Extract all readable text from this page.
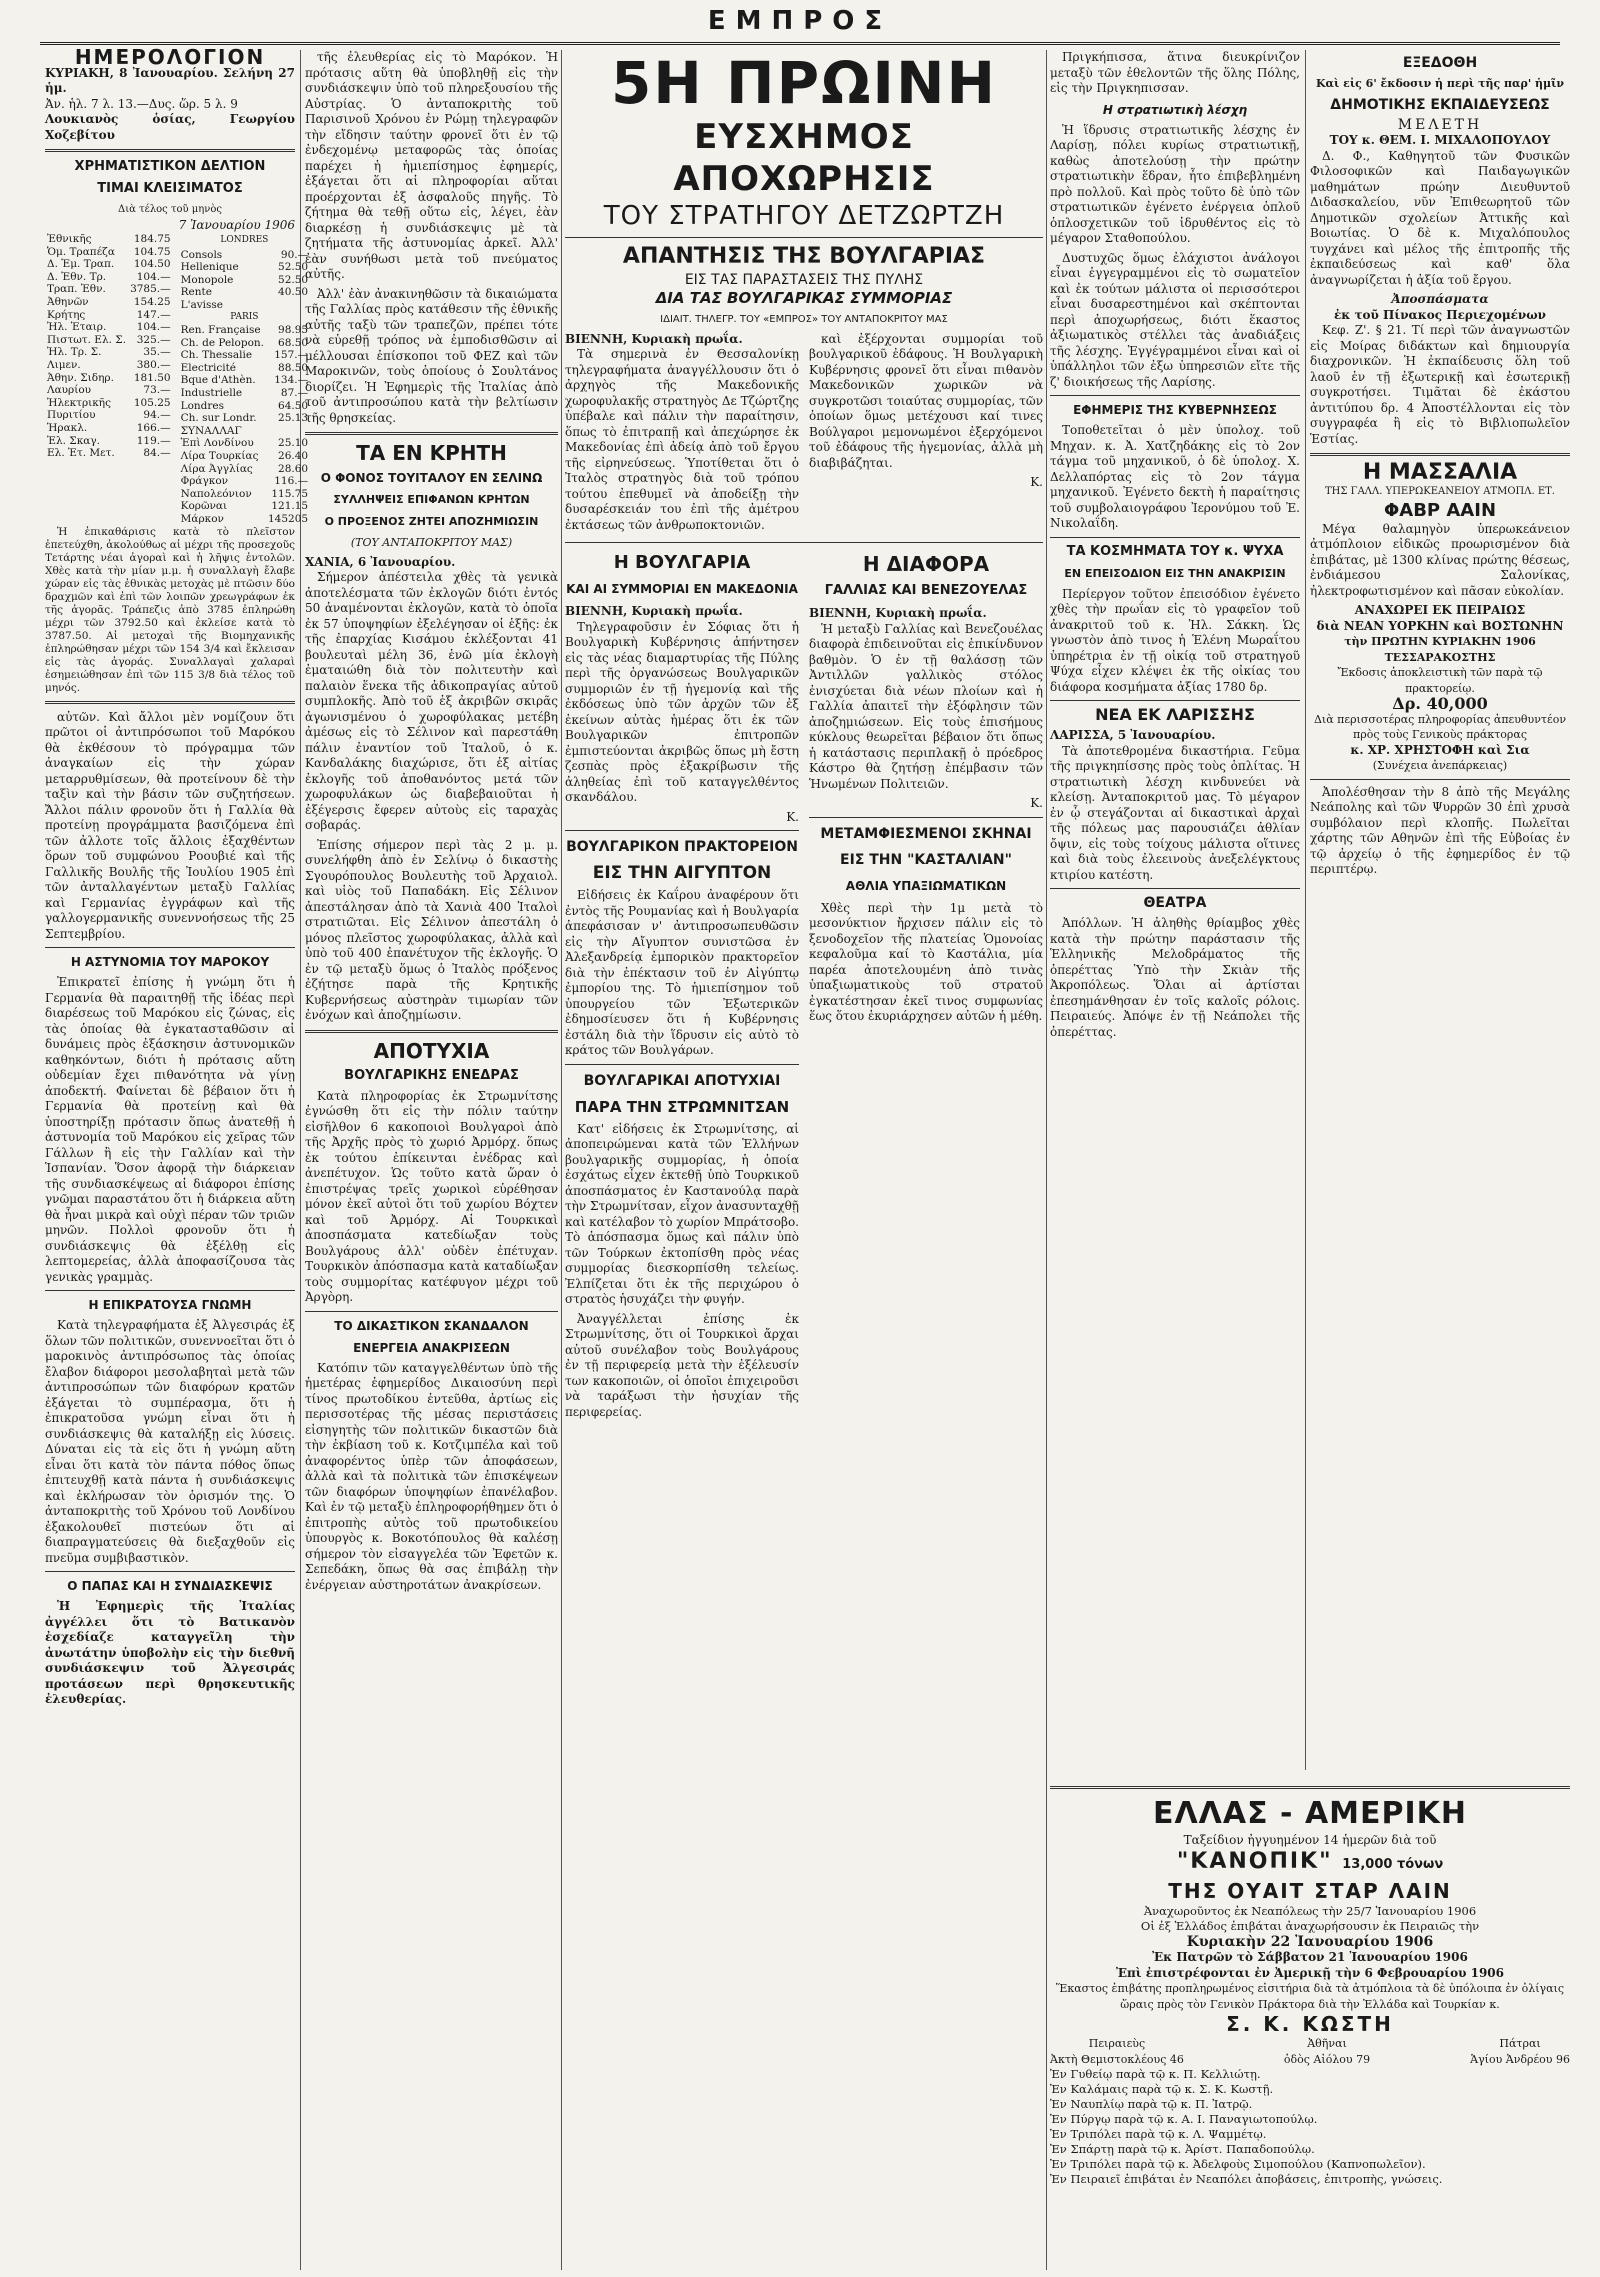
ΕΜΠΡΟΣ
ΗΜΕΡΟΛΟΓΙΟΝ
ΚΥΡΙΑΚΗ, 8 Ἰανουαρίου. Σελήνη 27 ἡμ.
Ἀν. ἡλ. 7 λ. 13.—Δυς. ὥρ. 5 λ. 9
Λουκιανὸς ὁσίας, Γεωργίου Χοζεβίτου
ΧΡΗΜΑΤΙΣΤΙΚΟΝ ΔΕΛΤΙΟΝ
ΤΙΜΑΙ ΚΛΕΙΣΙΜΑΤΟΣ
Διὰ τέλος τοῦ μηνὸς
7 Ἰανουαρίου 1906
Ἐθνικῆς	184.75
Ὁμ. Τραπέζα	104.75
Δ. Ἐμ. Τραπ.	104.50
Δ. Ἐθν. Τρ.	104.—
Τραπ. Ἐθν.	3785.—
Ἀθηνῶν	154.25
Κρήτης	147.—
Ἠλ. Ἐταιρ.	104.—
Πιστωτ. Ελ. Σ.	325.—
Ἠλ. Τρ. Σ.	35.—
Λιμεν.	380.—
Ἀθην. Σιδηρ.	181.50
Λαυρίου	73.—
Ἠλεκτρικῆς	105.25
Πυριτίου	94.—
Ἡρακλ.	166.—
Ἐλ. Σκαγ.	119.—
Ελ. Ἐτ. Μετ.	84.—
LONDRES
Consols	90.—
Hellenique	52.50
Monopole	52.50
Rente	40.50
L'avisse	
PARIS	
Ren. Française	98.95
Ch. de Pelopon.	68.50
Ch. Thessalie	157.—
Electricité	88.50
Bque d'Athèn.	134.—
Industrielle	87.—
Londres	64.50
Ch. sur Londr.	25.13
ΣΥΝΑΛΛΑΓ	
Ἐπὶ Λονδίνου	25.10
Λίρα Τουρκίας	26.40
Λίρα Ἀγγλίας	28.60
Φράγκον	116.—
Ναπολεόνιον	115.75
Κορῶναι	121.15
Μάρκον	145205

Ἡ ἐπικαθάρισις κατὰ τὸ πλεῖστον ἐπετεύχθη, ἀκολούθως αἱ μέχρι τῆς προσεχοῦς Τετάρτης νέαι ἀγοραὶ καὶ ἡ λῆψις ἐντολῶν. Χθὲς κατὰ τὴν μίαν μ.μ. ἡ συναλλαγὴ ἔλαβε χώραν εἰς τὰς ἐθνικὰς μετοχὰς μὲ πτῶσιν δύο δραχμῶν καὶ ἐπὶ τῶν λοιπῶν χρεωγράφων ἐκ τῆς ἀγορᾶς. Τράπεζις ἀπὸ 3785 ἐπληρώθη μέχρι τῶν 3792.50 καὶ ἐκλείσε κατὰ τὸ 3787.50. Αἱ μετοχαὶ τῆς Βιομηχανικῆς ἐπληρώθησαν μέχρι τῶν 154 3/4 καὶ ἔκλεισαν εἰς τὰς ἀγοράς. Συναλλαγαὶ χαλαραὶ ἐσημειώθησαν ἐπὶ τῶν 115 3/8 διὰ τέλος τοῦ μηνός.

αὐτῶν. Καὶ ἄλλοι μὲν νομίζουν ὅτι πρῶτοι οἱ ἀντιπρόσωποι τοῦ Μαρόκου θὰ ἐκθέσουν τὸ πρόγραμμα τῶν ἀναγκαίων εἰς τὴν χώραν μεταρρυθμίσεων, θὰ προτείνουν δὲ τὴν ταξὶν καὶ τὴν βάσιν τῶν συζητήσεων. Ἄλλοι πάλιν φρονοῦν ὅτι ἡ Γαλλία θὰ προτείνῃ προγράμματα βασιζόμενα ἐπὶ τῶν ἀλλοτε τοῖς ἄλλοις ἐξαχθέντων ὅρων τοῦ συμφώνου Ροουβιέ καὶ τῆς Γαλλικῆς Βουλῆς τῆς Ἰουλίου 1905 ἐπὶ τῶν ἀνταλλαγέντων μεταξὺ Γαλλίας καὶ Γερμανίας ἐγγράφων καὶ τῆς γαλλογερμανικῆς συνεννοήσεως τῆς 25 Σεπτεμβρίου.

Η ΑΣΤΥΝΟΜΙΑ ΤΟΥ ΜΑΡΟΚΟΥ

Ἐπικρατεῖ ἐπίσης ἡ γνώμη ὅτι ἡ Γερμανία θὰ παραιτηθῇ τῆς ἰδέας περὶ διαρέσεως τοῦ Μαρόκου εἰς ζώνας, εἰς τὰς ὁποίας θὰ ἐγκατασταθῶσιν αἱ δυνάμεις πρὸς ἐξάσκησιν ἀστυνομικῶν καθηκόντων, διότι ἡ πρότασις αὕτη οὐδεμίαν ἔχει πιθανότητα νὰ γίνῃ ἀποδεκτή. Φαίνεται δὲ βέβαιον ὅτι ἡ Γερμανία θὰ προτείνῃ καὶ θὰ ὑποστηρίξῃ πρότασιν ὅπως ἀνατεθῇ ἡ ἀστυνομία τοῦ Μαρόκου εἰς χεῖρας τῶν Γάλλων ἢ εἰς τὴν Γαλλίαν καὶ τὴν Ἱσπανίαν. Ὅσον ἀφορᾷ τὴν διάρκειαν τῆς συνδιασκέψεως αἱ διάφοροι ἐπίσης γνῶμαι παραστάτου ὅτι ἡ διάρκεια αὕτη θὰ ἦναι μικρὰ καὶ οὐχὶ πέραν τῶν τριῶν μηνῶν. Πολλοὶ φρονοῦν ὅτι ἡ συνδιάσκεψις θὰ ἐξέλθῃ εἰς λεπτομερείας, ἀλλὰ ἀποφασίζουσα τὰς γενικὰς γραμμὰς.

Η ΕΠΙΚΡΑΤΟΥΣΑ ΓΝΩΜΗ

Κατὰ τηλεγραφήματα ἐξ Ἀλγεσιράς ἐξ ὅλων τῶν πολιτικῶν, συνεννοεῖται ὅτι ὁ μαροκινὸς ἀντιπρόσωπος τὰς ὁποίας ἔλαβον διάφοροι μεσολαβηταὶ μετὰ τῶν ἀντιπροσώπων τῶν διαφόρων κρατῶν ἐξάγεται τὸ συμπέρασμα, ὅτι ἡ ἐπικρατοῦσα γνώμη εἶναι ὅτι ἡ συνδιάσκεψις θὰ καταλήξῃ εἰς λύσεις. Δύναται εἰς τὰ εἰς ὅτι ἡ γνώμη αὕτη εἶναι ὅτι κατὰ τὸν πάντα πόθος ὅπως ἐπιτευχθῇ κατὰ πάντα ἡ συνδιάσκεψις καὶ ἐκλήρωσαν τὸν ὁρισμόν της. Ὁ ἀνταποκριτὴς τοῦ Χρόνου τοῦ Λονδίνου ἐξακολουθεῖ πιστεύων ὅτι αἱ διαπραγματεύσεις θὰ διεξαχθοῦν εἰς πνεῦμα συμβιβαστικὸν.

Ο ΠΑΠΑΣ ΚΑΙ Η ΣΥΝΔΙΑΣΚΕΨΙΣ

Ἡ Ἐφημερὶς τῆς Ἰταλίας ἀγγέλλει ὅτι τὸ Βατικανὸν ἐσχεδίαζε καταγγεῖλη τὴν ἀνωτάτην ὑποβολὴν εἰς τὴν διεθνῆ συνδιάσκεψιν τοῦ Ἀλγεσιράς προτάσεων περὶ θρησκευτικῆς ἐλευθερίας.

τῆς ἐλευθερίας εἰς τὸ Μαρόκον. Ἡ πρότασις αὕτη θὰ ὑποβληθῇ εἰς τὴν συνδιάσκεψιν ὑπὸ τοῦ πληρεξουσίου τῆς Αὐστρίας. Ὁ ἀνταποκριτὴς τοῦ Παρισινοῦ Χρόνου ἐν Ρώμῃ τηλεγραφῶν τὴν εἴδησιν ταύτην φρονεῖ ὅτι ἐν τῷ ἐνδεχομένῳ μεταφορῶς τὰς ὁποίας παρέχει ἡ ἡμιεπίσημος ἐφημερίς, ἐξάγεται ὅτι αἱ πληροφορίαι αὕται προέρχονται ἐξ ἀσφαλοῦς πηγῆς. Τὸ ζήτημα θὰ τεθῇ οὕτω εἰς, λέγει, ἐὰν διαρκέσῃ ἡ συνδιάσκεψις μὲ τὰ ζητήματα τῆς ἀστυνομίας ἀρκεῖ. Ἀλλ' ἐὰν συνήθωσι μετὰ τοῦ πνεύματος αὐτῆς.

Ἀλλ' ἐὰν ἀνακινηθῶσιν τὰ δικαιώματα τῆς Γαλλίας πρὸς κατάθεσιν τῆς ἐθνικῆς αὐτῆς ταξὺ τῶν τραπεζῶν, πρέπει τότε νὰ εὑρεθῇ τρόπος νὰ ἐμποδισθῶσιν αἱ μέλλουσαι ἐπίσκοποι τοῦ ΦΕΖ καὶ τῶν Μαροκινῶν, τοὺς ὁποίους ὁ Σουλτάνος διορίζει. Ἡ Ἐφημερὶς τῆς Ἰταλίας ἀπὸ τοῦ ἀντιπροσώπου κατὰ τὴν βελτίωσιν τῆς θρησκείας.

ΤΑ ΕΝ ΚΡΗΤΗ
Ο ΦΟΝΟΣ ΤΟΥΙΤΑΛΟΥ ΕΝ ΣΕΛΙΝΩ
ΣΥΛΛΗΨΕΙΣ ΕΠΙΦΑΝΩΝ ΚΡΗΤΩΝ
Ο ΠΡΟΞΕΝΟΣ ΖΗΤΕΙ ΑΠΟΖΗΜΙΩΣΙΝ
(ΤΟΥ ΑΝΤΑΠΟΚΡΙΤΟΥ ΜΑΣ)
ΧΑΝΙΑ, 6 Ἰανουαρίου.

Σήμερον ἀπέστειλα χθὲς τὰ γενικὰ ἀποτελέσματα τῶν ἐκλογῶν διότι ἐντός 50 ἀναμένονται ἐκλογῶν, κατὰ τὸ ὁποῖα ἐκ 57 ὑποψηφίων ἐξελέγησαν οἱ ἑξῆς: ἐκ τῆς ἐπαρχίας Κισάμου ἐκλέξονται 41 βουλευταὶ μέλη 36, ἐνῶ μία ἐκλογὴ ἐματαιώθη διὰ τὸν πολιτευτὴν καὶ παλαιὸν ἕνεκα τῆς ἀδικοπραγίας αὐτοῦ συμπλοκῆς. Ἀπὸ τοῦ ἐξ ἀκριβῶν σκιρᾶς ἀγωνισμένου ὁ χωροφύλακας μετέβη ἀμέσως εἰς τὸ Σέλινον καὶ παρεστάθη πάλιν ἐναντίον τοῦ Ἰταλοῦ, ὁ κ. Κανδαλάκης διαχώρισε, ὅτι ἐξ αἰτίας ἐκλογῆς τοῦ ἀποθανόντος μετά τῶν χωροφυλάκων ὡς διαβεβαιοῦται ἡ ἐξέγερσις ἔφερεν αὐτοὺς εἰς ταραχὰς σοβαράς.

Ἐπίσης σήμερον περὶ τὰς 2 μ. μ. συνελήφθη ἀπὸ ἐν Σελίνῳ ὁ δικαστὴς Σγουρόπουλος Βουλευτὴς τοῦ Ἀρχαιολ. καὶ υἱὸς τοῦ Παπαδάκη. Εἰς Σέλινον ἀπεστάλησαν ἀπὸ τὰ Χανιὰ 400 Ἰταλοὶ στρατιῶται. Εἰς Σέλινον ἀπεστάλη ὁ μόνος πλεῖστος χωροφύλακας, ἀλλὰ καὶ ὑπὸ τοῦ 400 ἐπανέτυχον τῆς ἐκλογῆς. Ὁ ἐν τῷ μεταξὺ ὅμως ὁ Ἰταλὸς πρόξενος ἐζήτησε παρὰ τῆς Κρητικῆς Κυβερνήσεως αὐστηρὰν τιμωρίαν τῶν ἐνόχων καὶ ἀποζημίωσιν.

ΑΠΟΤΥΧΙΑ
ΒΟΥΛΓΑΡΙΚΗΣ ΕΝΕΔΡΑΣ

Κατὰ πληροφορίας ἐκ Στρωμνίτσης ἐγνώσθη ὅτι εἰς τὴν πόλιν ταύτην εἰσῆλθον 6 κακοποιοὶ Βουλγαροὶ ἀπὸ τῆς Ἀρχῆς πρὸς τὸ χωριό Ἀρμόρχ. ὅπως ἐκ τούτου ἐπίκεινται ἐνέδρας καὶ ἀνεπέτυχον. Ὡς τοῦτο κατὰ ὥραν ὁ ἐπιστρέψας τρεῖς χωρικοὶ εὑρέθησαν μόνον ἐκεῖ αὐτοὶ ὅτι τοῦ χωρίου Βόχτεν καὶ τοῦ Ἀρμόρχ. Αἱ Τουρκικαὶ ἀποσπάσματα κατεδίωξαν τοὺς Βουλγάρους ἀλλ' οὐδὲν ἐπέτυχαν. Τουρκικὸν ἀπόσπασμα κατὰ καταδίωξαν τοὺς συμμορίτας κατέφυγον μέχρι τοῦ Ἀργὸρη.

ΤΟ ΔΙΚΑΣΤΙΚΟΝ ΣΚΑΝΔΑΛΟΝ
ΕΝΕΡΓΕΙΑ ΑΝΑΚΡΙΣΕΩΝ

Κατόπιν τῶν καταγγελθέντων ὑπὸ τῆς ἡμετέρας ἐφημερίδος Δικαιοσύνη περὶ τίνος πρωτοδίκου ἐντεῦθα, ἀρτίως εἰς περισσοτέρας τῆς μέσας περιστάσεις εἰσηγητὴς τῶν πολιτικῶν δικαστῶν διὰ τὴν ἐκβίαση τοῦ κ. Κοτζιμπέλα καὶ τοῦ ἀναφορέντος ὑπὲρ τῶν ἀποφάσεων, ἀλλὰ καὶ τὰ πολιτικὰ τῶν ἐπισκέψεων τῶν διαφόρων ὑποψηφίων ἐπανέλαβον. Καὶ ἐν τῷ μεταξὺ ἐπληροφορήθημεν ὅτι ὁ ἐπιτροπὴς αὐτὸς τοῦ πρωτοδικείου ὑπουργὸς κ. Βοκοτόπουλος θὰ καλέσῃ σήμερον τὸν εἰσαγγελέα τῶν Ἐφετῶν κ. Σεπεδάκη, ὅπως θὰ σας ἐπιβάλῃ τὴν ἐνέργειαν αὐστηροτάτων ἀνακρίσεων.

5Η ΠΡΩΙΝΗ
ΕΥΣΧΗΜΟΣ ΑΠΟΧΩΡΗΣΙΣ
ΤΟΥ ΣΤΡΑΤΗΓΟΥ ΔΕΤΖΩΡΤΖΗ
ΑΠΑΝΤΗΣΙΣ ΤΗΣ ΒΟΥΛΓΑΡΙΑΣ
ΕΙΣ ΤΑΣ ΠΑΡΑΣΤΑΣΕΙΣ ΤΗΣ ΠΥΛΗΣ
ΔΙΑ ΤΑΣ ΒΟΥΛΓΑΡΙΚΑΣ ΣΥΜΜΟΡΙΑΣ
ΙΔΙΑΙΤ. ΤΗΛΕΓΡ. ΤΟΥ «ΕΜΠΡΟΣ» ΤΟΥ ΑΝΤΑΠΟΚΡΙΤΟΥ ΜΑΣ
ΒΙΕΝΝΗ, Κυριακὴ πρωΐα.

Τὰ σημερινὰ ἐν Θεσσαλονίκῃ τηλεγραφήματα ἀναγγέλλουσιν ὅτι ὁ ἀρχηγὸς τῆς Μακεδονικῆς χωροφυλακῆς στρατηγὸς Δε Τζώρτζης ὑπέβαλε καὶ πάλιν τὴν παραίτησιν, ὅπως τὸ ἐπιτραπῇ καὶ ἀπεχώρησε ἐκ Μακεδονίας ἐπὶ ἀδείᾳ ἀπὸ τοῦ ἔργου τῆς εἰρηνεύσεως. Ὑποτίθεται ὅτι ὁ Ἰταλὸς στρατηγὸς διὰ τοῦ τρόπου τούτου ἐπεθυμεῖ νὰ ἀποδείξῃ τὴν δυσαρέσκειάν του ἐπὶ τῆς ἀμέτρου ἐκτάσεως τῶν ἀνθρωποκτονιῶν.

καὶ ἐξέρχονται συμμορίαι τοῦ βουλγαρικοῦ ἐδάφους. Ἡ Βουλγαρικὴ Κυβέρνησις φρονεῖ ὅτι εἶναι πιθανὸν Μακεδονικῶν χωρικῶν νὰ συγκροτῶσι τοιαύτας συμμορίας, τῶν ὁποίων ὅμως μετέχουσι καί τινες Βούλγαροι μεμονωμένοι ἐξερχόμενοι τοῦ ἐδάφους τῆς ἡγεμονίας, ἀλλὰ μὴ διαβιβάζηται.

Κ.
Η ΒΟΥΛΓΑΡΙΑ
ΚΑΙ ΑΙ ΣΥΜΜΟΡΙΑΙ ΕΝ ΜΑΚΕΔΟΝΙΑ
ΒΙΕΝΝΗ, Κυριακὴ πρωΐα.

Τηλεγραφοῦσιν ἐν Σόφιας ὅτι ἡ Βουλγαρικὴ Κυβέρνησις ἀπήντησεν εἰς τὰς νέας διαμαρτυρίας τῆς Πύλης περὶ τῆς ὀργανώσεως Βουλγαρικῶν συμμοριῶν ἐν τῇ ἡγεμονίᾳ καὶ τῆς ἐκδόσεως ὑπὸ τῶν ἀρχῶν τῶν ἐξ ἐκείνων αὐτὰς ἡμέρας ὅτι ἐκ τῶν Βουλγαρικῶν ἐπιτροπῶν ἐμπιστεύονται ἀκριβῶς ὅπως μὴ ἔστη ζεσπὰς πρὸς ἐξακρίβωσιν τῆς ἀληθείας ἐπὶ τοῦ καταγγελθέντος σκανδάλου.

Κ.
ΒΟΥΛΓΑΡΙΚΟΝ ΠΡΑΚΤΟΡΕΙΟΝ
ΕΙΣ ΤΗΝ ΑΙΓΥΠΤΟΝ

Εἰδήσεις ἐκ Καΐρου ἀναφέρουν ὅτι ἐντὸς τῆς Ρουμανίας καὶ ἡ Βουλγαρία ἀπεφάσισαν ν' ἀντιπροσωπευθῶσιν εἰς τὴν Αἴγυπτον συνιστῶσα ἐν Ἀλεξανδρείᾳ ἐμπορικὸν πρακτορεῖον διὰ τὴν ἐπέκτασιν τοῦ ἐν Αἰγύπτῳ ἐμπορίου της. Τὸ ἡμιεπίσημον τοῦ ὑπουργείου τῶν Ἐξωτερικῶν ἐδημοσίευσεν ὅτι ἡ Κυβέρνησις ἐστάλη διὰ τὴν ἵδρυσιν εἰς αὐτὸ τὸ κράτος τῶν Βουλγάρων.

ΒΟΥΛΓΑΡΙΚΑΙ ΑΠΟΤΥΧΙΑΙ
ΠΑΡΑ ΤΗΝ ΣΤΡΩΜΝΙΤΣΑΝ

Κατ' εἰδήσεις ἐκ Στρωμνίτσης, αἱ ἀποπειρώμεναι κατὰ τῶν Ἑλλήνων βουλγαρικῆς συμμορίας, ἡ ὁποία ἐσχάτως εἶχεν ἐκτεθῇ ὑπὸ Τουρκικοῦ ἀποσπάσματος ἐν Καστανούλᾳ παρὰ τὴν Στρωμνίτσαν, εἶχον ἀνασυνταχθῇ καὶ κατέλαβον τὸ χωρίον Μπράτσοβο. Τὸ ἀπόσπασμα ὅμως καὶ πάλιν ὑπὸ τῶν Τούρκων ἐκτοπίσθη πρὸς νέας συμμορίας διεσκορπίσθη τελείως. Ἐλπίζεται ὅτι ἐκ τῆς περιχώρου ὁ στρατὸς ἡσυχάζει τὴν φυγήν.

Ἀναγγέλλεται ἐπίσης ἐκ Στρωμνίτσης, ὅτι οἱ Τουρκικοὶ ἄρχαι αὐτοῦ συνέλαβον τοὺς Βουλγάρους ἐν τῇ περιφερείᾳ μετὰ τὴν ἐξέλευσίν των κακοποιῶν, οἱ ὁποῖοι ἐπιχειροῦσι νὰ ταράξωσι τὴν ἡσυχίαν τῆς περιφερείας.

Η ΔΙΑΦΟΡΑ
ΓΑΛΛΙΑΣ ΚΑΙ ΒΕΝΕΖΟΥΕΛΑΣ
ΒΙΕΝΝΗ, Κυριακὴ πρωΐα.

Ἡ μεταξὺ Γαλλίας καὶ Βενεζουέλας διαφορὰ ἐπιδεινοῦται εἰς ἐπικίνδυνον βαθμὸν. Ὁ ἐν τῇ θαλάσσῃ τῶν Ἀντιλλῶν γαλλικὸς στόλος ἐνισχύεται διὰ νέων πλοίων καὶ ἡ Γαλλία ἀπαιτεῖ τὴν ἐξόφλησιν τῶν ἀποζημιώσεων. Εἰς τοὺς ἐπισήμους κύκλους θεωρεῖται βέβαιον ὅτι ὅπως ἡ κατάστασις περιπλακῇ ὁ πρόεδρος Κάστρο θὰ ζητήσῃ ἐπέμβασιν τῶν Ἡνωμένων Πολιτειῶν.

Κ.
ΜΕΤΑΜΦΙΕΣΜΕΝΟΙ ΣΚΗΝΑΙ
ΕΙΣ ΤΗΝ "ΚΑΣΤΑΛΙΑΝ"
ΑΘΛΙΑ ΥΠΑΞΙΩΜΑΤΙΚΩΝ

Χθὲς περὶ τὴν 1μ μετὰ τὸ μεσονύκτιον ἤρχισεν πάλιν εἰς τὸ ξενοδοχεῖον τῆς πλατείας Ὁμονοίας κεφαλοῦμα καί τὸ Καστάλια, μία παρέα ἀποτελουμένη ἀπὸ τινὰς ὑπαξιωματικοὺς τοῦ στρατοῦ ἐγκατέστησαν ἐκεῖ τινος συμφωνίας ἕως ὅτου ἐκυριάρχησεν αὐτῶν ἡ μέθη.

Πριγκήπισσα, ἅτινα διευκρίνιζον μεταξὺ τῶν ἐθελοντῶν τῆς ὅλης Πόλης, εἰς τὴν Πριγκηπισσαν.

Η στρατιωτικὴ λέσχη

Ἡ ἵδρυσις στρατιωτικῆς λέσχης ἐν Λαρίσῃ, πόλει κυρίως στρατιωτικῇ, καθὼς ἀποτελούσῃ τὴν πρώτην στρατιωτικὴν ἕδραν, ἦτο ἐπιβεβλημένη πρὸ πολλοῦ. Καὶ πρὸς τοῦτο δὲ ὑπὸ τῶν στρατιωτικῶν ἐγένετο ἐνέργεια ὁπλοῦ ὁπλοσχετικῶν τοῦ ἰδρυθέντος εἰς τὸ μέγαρον Σταθοπούλου.

Δυστυχῶς ὅμως ἐλάχιστοι ἀνάλογοι εἶναι ἐγγεγραμμένοι εἰς τὸ σωματεῖον καὶ ἐκ τούτων μάλιστα οἱ περισσότεροι εἶναι δυσαρεστημένοι καὶ σκέπτονται περὶ ἀποχωρήσεως, διότι ἕκαστος ἀξιωματικὸς στέλλει τὰς ἀναδιάξεις τῆς λέσχης. Ἐγγέγραμμένοι εἶναι καὶ οἱ ὑπάλληλοι τῶν ἐξω ὑπηρεσιῶν εἴτε τῆς ζ' διοικήσεως τῆς Λαρίσης.

ΕΦΗΜΕΡΙΣ ΤΗΣ ΚΥΒΕΡΝΗΣΕΩΣ

Τοποθετεῖται ὁ μὲν ὑπολοχ. τοῦ Μηχαν. κ. Ἀ. Χατζηδάκης εἰς τὸ 2ον τάγμα τοῦ μηχανικοῦ, ὁ δὲ ὑπολοχ. Χ. Δελλαπόρτας εἰς τὸ 2ον τάγμα μηχανικοῦ. Ἐγένετο δεκτὴ ἡ παραίτησις τοῦ συμβολαιογράφου Ἰερονύμου τοῦ Ἐ. Νικολαΐδη.

ΤΑ ΚΟΣΜΗΜΑΤΑ ΤΟΥ κ. ΨΥΧΑ
ΕΝ ΕΠΕΙΣΟΔΙΟΝ ΕΙΣ ΤΗΝ ΑΝΑΚΡΙΣΙΝ

Περίεργον τοῦτον ἐπεισόδιον ἐγένετο χθὲς τὴν πρωΐαν εἰς τὸ γραφεῖον τοῦ ἀνακριτοῦ τοῦ κ. Ἡλ. Σάκκη. Ὡς γνωστὸν ἀπὸ τινος ἡ Ἑλένη Μωραΐτου ὑπηρέτρια ἐν τῇ οἰκίᾳ τοῦ στρατηγοῦ Ψύχα εἶχεν κλέψει ἐκ τῆς οἰκίας του διάφορα κοσμήματα ἀξίας 1780 δρ.

ΝΕΑ ΕΚ ΛΑΡΙΣΣΗΣ
ΛΑΡΙΣΣΑ, 5 Ἰανουαρίου.

Τὰ ἀποτεθρομένα δικαστήρια. Γεῦμα τῆς πριγκηπίσσης πρὸς τοὺς ὁπλίτας. Ἡ στρατιωτικὴ λέσχη κινδυνεύει νὰ κλείσῃ. Ἀνταποκριτοῦ μας. Τὸ μέγαρον ἐν ᾧ στεγάζονται αἱ δικαστικαὶ ἀρχαὶ τῆς πόλεως μας παρουσιάζει ἀθλίαν ὄψιν, εἰς τοὺς τοίχους μάλιστα οἵτινες καὶ διὰ τοὺς ἐλεεινοὺς ἀνεξελέγκτους κτιρίου κατέστη.

ΘΕΑΤΡΑ

Ἀπόλλων. Ἡ ἀληθὴς θρίαμβος χθὲς κατὰ τὴν πρώτην παράστασιν τῆς Ἑλληνικῆς Μελοδράματος τῆς ὀπερέττας Ὑπὸ τὴν Σκιὰν τῆς Ἀκροπόλεως. Ὅλαι αἱ ἀρτίσται ἐπεσημάνθησαν ἐν τοῖς καλοῖς ρόλοις. Πειραιεύς. Ἀπόψε ἐν τῇ Νεάπολει τῆς ὀπερέττας.

ΕΞΕΔΟΘΗ
Καὶ εἰς 6' ἔκδοσιν ἡ περὶ τῆς παρ' ἡμῖν
ΔΗΜΟΤΙΚΗΣ ΕΚΠΑΙΔΕΥΣΕΩΣ
ΜΕΛΕΤΗ
ΤΟΥ κ. ΘΕΜ. Ι. ΜΙΧΑΛΟΠΟΥΛΟΥ

Δ. Φ., Καθηγητοῦ τῶν Φυσικῶν Φιλοσοφικῶν καὶ Παιδαγωγικῶν μαθημάτων πρώην Διευθυντοῦ Διδασκαλείου, νῦν Ἐπιθεωρητοῦ τῶν Δημοτικῶν σχολείων Ἀττικῆς καὶ Βοιωτίας. Ὁ δὲ κ. Μιχαλόπουλος τυγχάνει καὶ μέλος τῆς ἐπιτροπῆς τῆς ἐκπαιδεύσεως καὶ καθ' ὅλα ἀναγνωρίζεται ἡ ἀξία τοῦ ἔργου.

Ἀποσπάσματα
ἐκ τοῦ Πίνακος Περιεχομένων

Κεφ. Ζ'. § 21. Τί περὶ τῶν ἀναγνωστῶν εἰς Μοίρας διδάκτων καὶ δημιουργία διαχρονικῶν. Ἡ ἐκπαίδευσις ὅλη τοῦ λαοῦ ἐν τῇ ἐξωτερικῇ καὶ ἐσωτερικῇ συγκροτήσει. Τιμᾶται δὲ ἐκάστου ἀντιτύπου δρ. 4 Ἀποστέλλονται εἰς τὸν συγγραφέα ἢ εἰς τὸ Βιβλιοπωλεῖον Ἑστίας.

Η ΜΑΣΣΑΛΙΑ
ΤΗΣ ΓΑΛΛ. ΥΠΕΡΩΚΕΑΝΕΙΟΥ ΑΤΜΟΠΛ. ΕΤ.
ΦΑΒΡ ΑΑΙΝ

Μέγα θαλαμηγὸν ὑπερωκεάνειον ἀτμόπλοιον εἰδικῶς προωρισμένον διὰ ἐπιβάτας, μὲ 1300 κλίνας πρώτης θέσεως, ἐνδιάμεσου Σαλονίκας, ἠλεκτροφωτισμένον καὶ πᾶσαν εὐκολίαν.

ΑΝΑΧΩΡΕΙ ΕΚ ΠΕΙΡΑΙΩΣ
διὰ ΝΕΑΝ ΥΟΡΚΗΝ καὶ ΒΟΣΤΩΝΗΝ
τὴν ΠΡΩΤΗΝ ΚΥΡΙΑΚΗΝ 1906 ΤΕΣΣΑΡΑΚΟΣΤΗΣ
Ἔκδοσις ἀποκλειστικὴ τῶν παρὰ τῷ πρακτορείῳ.
Δρ. 40,000
Διὰ περισσοτέρας πληροφορίας ἀπευθυντέον πρὸς τοὺς Γενικοὺς πράκτορας
κ. ΧΡ. ΧΡΗΣΤΟΦΗ καὶ Σια
(Συνέχεια ἀνεπάρκειας)

Ἀπολέσθησαν τὴν 8 ἀπὸ τῆς Μεγάλης Νεάπολης καὶ τῶν Ψυρρῶν 30 ἐπὶ χρυσὰ συμβόλαιον περὶ κλοπῆς. Πωλεῖται χάρτης τῶν Αθηνῶν ἐπὶ τῆς Εὐβοίας ἐν τῷ ἀρχείῳ ὁ τῆς ἐφημερίδος ἐν τῷ περιπτέρῳ.

ΕΛΛΑΣ - ΑΜΕΡΙΚΗ
Ταξείδιον ἠγγυημένον 14 ἡμερῶν διὰ τοῦ
"ΚΑΝΟΠΙΚ" 13,000 τόνων
ΤΗΣ ΟΥΑΙΤ ΣΤΑΡ ΛΑΙΝ
Ἀναχωροῦντος ἐκ Νεαπόλεως τὴν 25/7 Ἰανουαρίου 1906
Οἱ ἐξ Ἑλλάδος ἐπιβάται ἀναχωρήσουσιν ἐκ Πειραιῶς τὴν
Κυριακὴν 22 Ἰανουαρίου 1906
Ἐκ Πατρῶν τὸ Σάββατον 21 Ἰανουαρίου 1906
Ἐπὶ ἐπιστρέφονται ἐν Ἀμερικῇ τὴν 6 Φεβρουαρίου 1906
Ἕκαστος ἐπιβάτης προπληρωμένος εἰσιτήρια διὰ τὰ ἀτμόπλοια τὰ δὲ ὑπόλοιπα ἐν ὀλίγαις ὥραις πρὸς τὸν Γενικὸν Πράκτορα διὰ τὴν Ἑλλάδα καὶ Τουρκίαν κ.
Σ. Κ. ΚΩΣΤΗ
Πειραιεὺς
Ἀκτὴ Θεμιστοκλέους 46
Ἀθῆναι
ὁδὸς Αἰόλου 79
Πάτραι
Ἁγίου Ἀνδρέου 96
Ἐν Γυθείῳ παρὰ τῷ κ. Π. Κελλιώτῃ.
Ἐν Καλάμαις παρὰ τῷ κ. Σ. Κ. Κωστῇ.
Ἐν Ναυπλίῳ παρὰ τῷ κ. Π. Ἰατρῷ.
Ἐν Πύργῳ παρὰ τῷ κ. Α. Ι. Παναγιωτοπούλῳ.
Ἐν Τριπόλει παρὰ τῷ κ. Λ. Ψαμμέτῳ.
Ἐν Σπάρτῃ παρὰ τῷ κ. Ἀρίστ. Παπαδοπούλῳ.
Ἐν Τριπόλει παρὰ τῷ κ. Ἀδελφοὺς Σιμοπούλου (Καπνοπωλεῖον).
Ἐν Πειραιεῖ ἐπιβάται ἐν Νεαπόλει ἀποβάσεις, ἐπιτροπὴς, γνώσεις.
